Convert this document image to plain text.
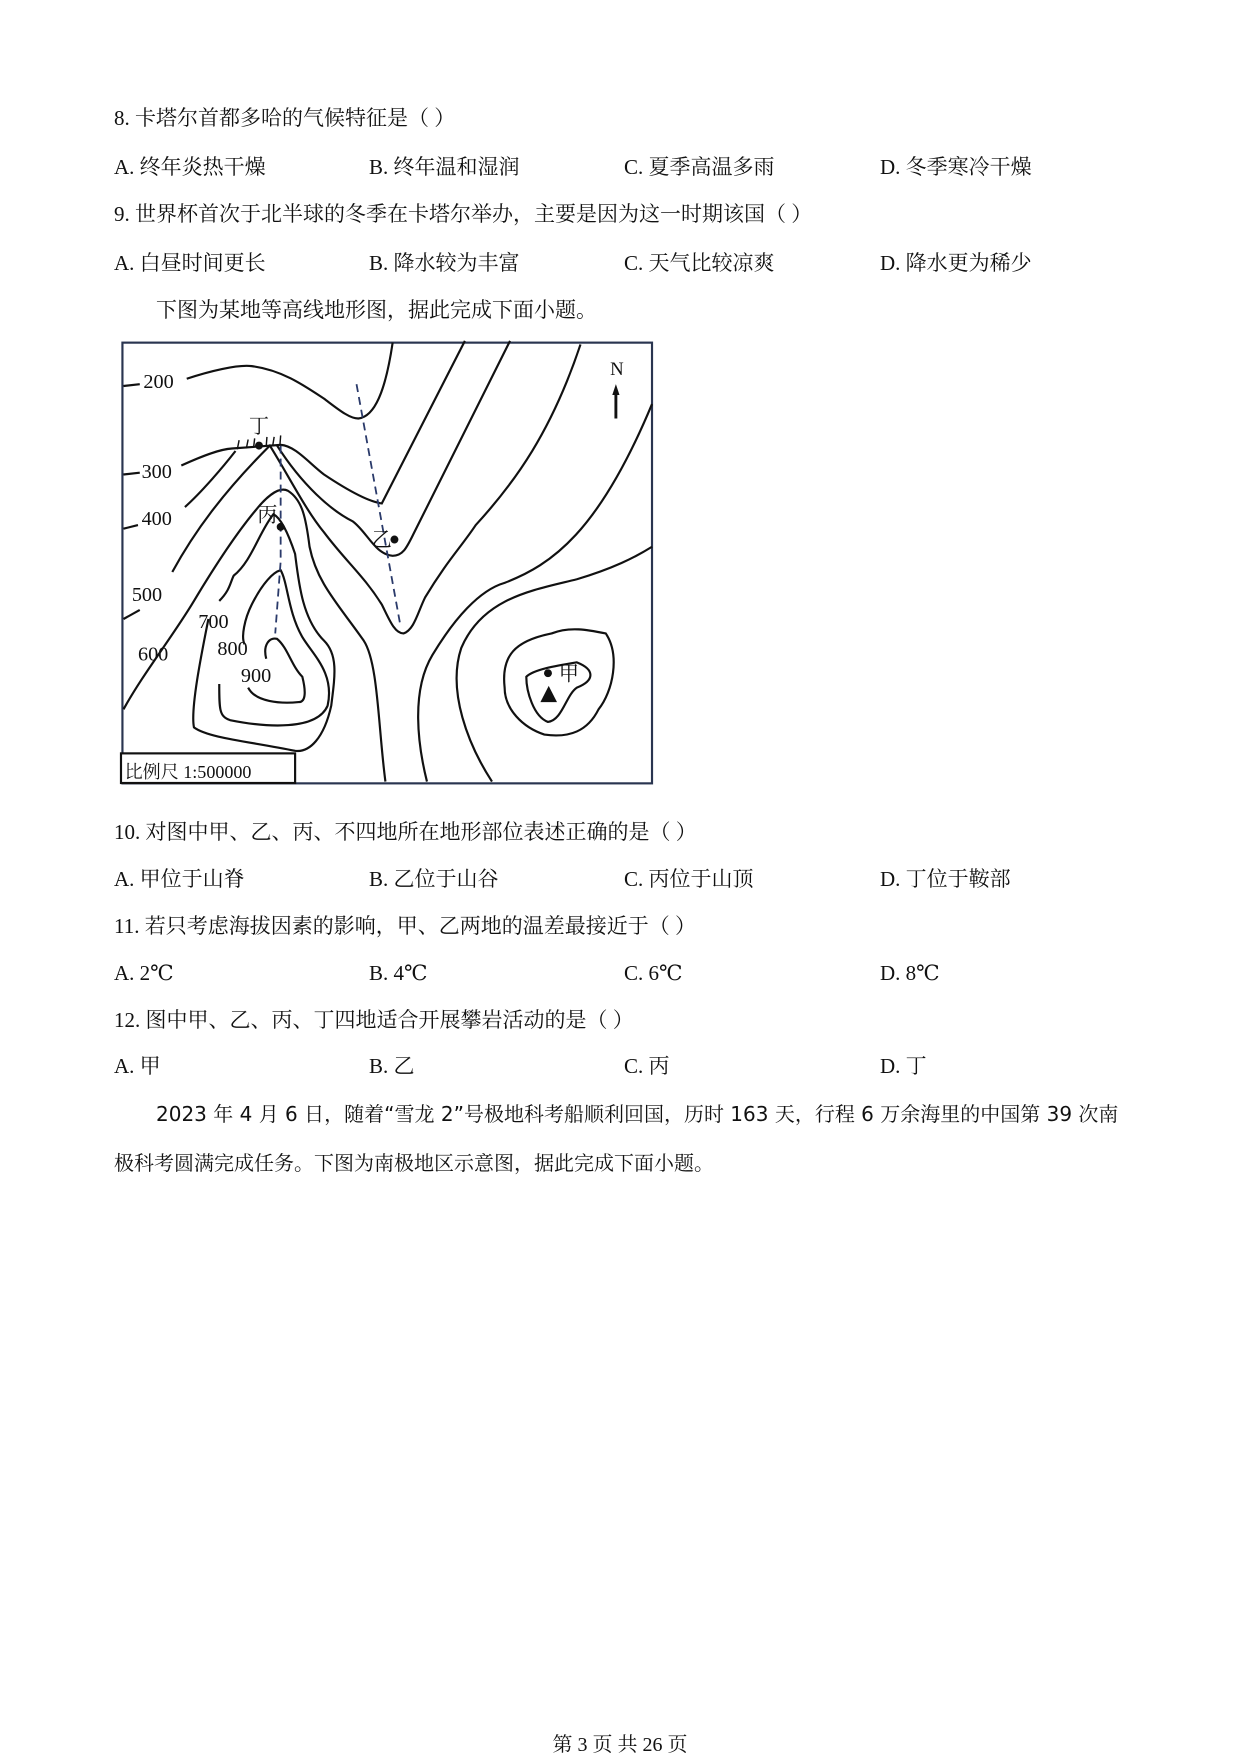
8. 卡塔尔首都多哈的气候特征是（ ）
A. 终年炎热干燥	B. 终年温和湿润	C. 夏季高温多雨	D. 冬季寒冷干燥
9. 世界杯首次于北半球的冬季在卡塔尔举办，主要是因为这一时期该国（ ）
A. 白昼时间更长	B. 降水较为丰富	C. 天气比较凉爽	D. 降水更为稀少
下图为某地等高线地形图，据此完成下面小题。
200
300
400
500
600
700
800
900	甲
乙
丙
丁
N
比例尺 1:500000
10. 对图中甲、乙、丙、不四地所在地形部位表述正确的是（ ）
A. 甲位于山脊	B. 乙位于山谷	C. 丙位于山顶	D. 丁位于鞍部
11. 若只考虑海拔因素的影响，甲、乙两地的温差最接近于（ ）
A. 2℃	B. 4℃	C. 6℃	D. 8℃
12. 图中甲、乙、丙、丁四地适合开展攀岩活动的是（ ）
A. 甲	B. 乙	C. 丙	D. 丁
2023 年 4 月 6 日，随着“雪龙 2”号极地科考船顺利回国，历时 163 天，行程 6 万余海里的中国第 39 次南极科考圆满完成任务。下图为南极地区示意图，据此完成下面小题。
第 3 页 共 26 页
